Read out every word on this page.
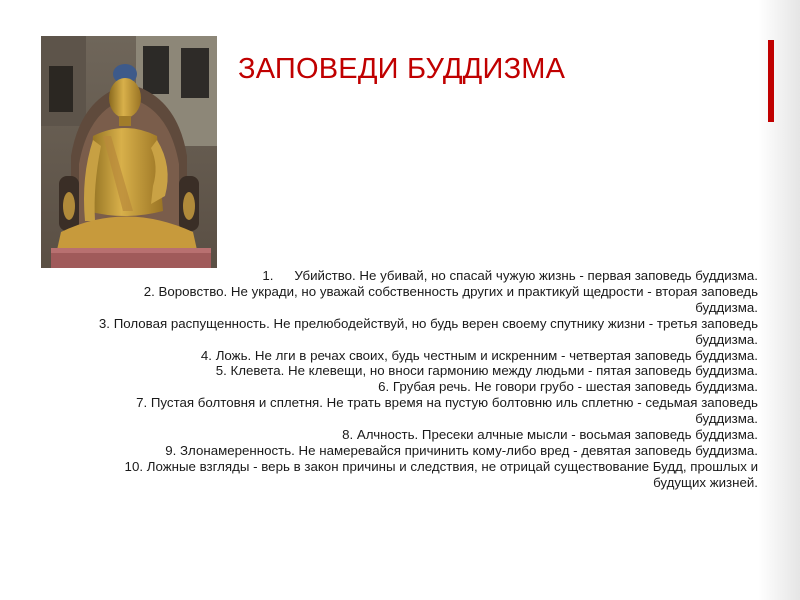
ЗАПОВЕДИ БУДДИЗМА
1. Убийство. Не убивай, но спасай чужую жизнь - первая заповедь буддизма.
2. Воровство. Не укради, но уважай собственность других и практикуй щедрости - вторая заповедь буддизма.
3. Половая распущенность. Не прелюбодействуй, но будь верен своему спутнику жизни - третья заповедь буддизма.
4. Ложь. Не лги в речах своих, будь честным и искренним - четвертая заповедь буддизма.
5. Клевета. Не клевещи, но вноси гармонию между людьми - пятая заповедь буддизма.
6. Грубая речь. Не говори грубо - шестая заповедь буддизма.
7. Пустая болтовня и сплетня. Не трать время на пустую болтовню иль сплетню - седьмая заповедь буддизма.
8. Алчность. Пресеки алчные мысли - восьмая заповедь буддизма.
9. Злонамеренность. Не намеревайся причинить кому-либо вред - девятая заповедь буддизма.
10. Ложные взгляды - верь в закон причины и следствия, не отрицай существование Будд, прошлых и будущих жизней.
